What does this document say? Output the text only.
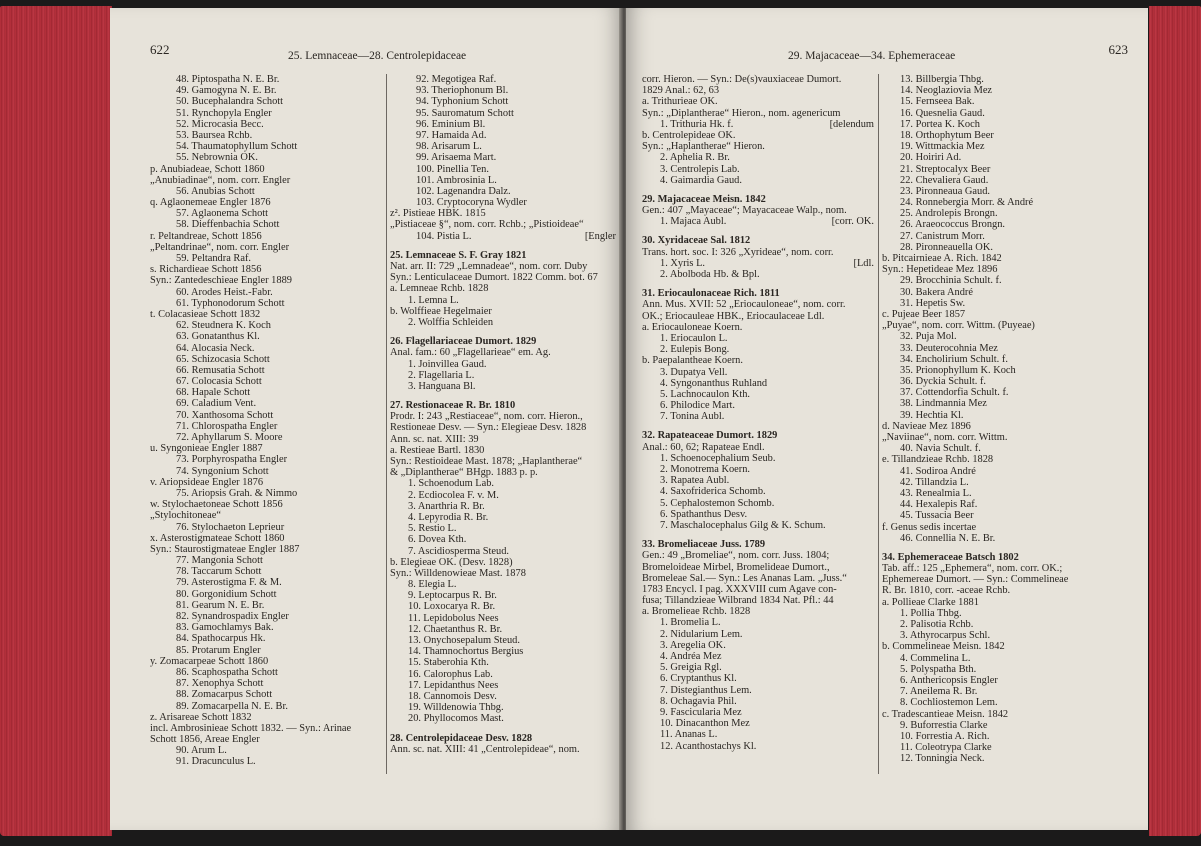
622	25. Lemnaceae—28. Centrolepidaceae
48. Piptospatha N. E. Br.
49. Gamogyna N. E. Br.
50. Bucephalandra Schott
51. Rynchopyla Engler
52. Microcasia Becc.
53. Baursea Rchb.
54. Thaumatophyllum Schott
55. Nebrownia OK.
p. Anubiadeae, Schott 1860
„Anubiadinae“, nom. corr. Engler
56. Anubias Schott
q. Aglaonemeae Engler 1876
57. Aglaonema Schott
58. Dieffenbachia Schott
r. Peltandreae, Schott 1856
„Peltandrinae“, nom. corr. Engler
59. Peltandra Raf.
s. Richardieae Schott 1856
Syn.: Zantedeschieae Engler 1889
60. Arodes Heist.-Fabr.
61. Typhonodorum Schott
t. Colacasieae Schott 1832
62. Steudnera K. Koch
63. Gonatanthus Kl.
64. Alocasia Neck.
65. Schizocasia Schott
66. Remusatia Schott
67. Colocasia Schott
68. Hapale Schott
69. Caladium Vent.
70. Xanthosoma Schott
71. Chlorospatha Engler
72. Aphyllarum S. Moore
u. Syngonieae Engler 1887
73. Porphyrospatha Engler
74. Syngonium Schott
v. Ariopsideae Engler 1876
75. Ariopsis Grah. & Nimmo
w. Stylochaetoneae Schott 1856
„Stylochitoneae“
76. Stylochaeton Leprieur
x. Asterostigmateae Schott 1860
Syn.: Staurostigmateae Engler 1887
77. Mangonia Schott
78. Taccarum Schott
79. Asterostigma F. & M.
80. Gorgonidium Schott
81. Gearum N. E. Br.
82. Synandrospadix Engler
83. Gamochlamys Bak.
84. Spathocarpus Hk.
85. Protarum Engler
y. Zomacarpeae Schott 1860
86. Scaphospatha Schott
87. Xenophya Schott
88. Zomacarpus Schott
89. Zomacarpella N. E. Br.
z. Arisareae Schott 1832
incl. Ambrosinieae Schott 1832. — Syn.: Arinae
Schott 1856, Areae Engler
90. Arum L.
91. Dracunculus L.
92. Megotigea Raf.
93. Theriophonum Bl.
94. Typhonium Schott
95. Sauromatum Schott
96. Eminium Bl.
97. Hamaida Ad.
98. Arisarum L.
99. Arisaema Mart.
100. Pinellia Ten.
101. Ambrosinia L.
102. Lagenandra Dalz.
103. Cryptocoryna Wydler
z². Pistieae HBK. 1815
„Pistiaceae §“, nom. corr. Rchb.; „Pistioideae“
104. Pistia L.	[Engler
25. Lemnaceae S. F. Gray 1821
Nat. arr. II: 729 „Lemnadeae“, nom. corr. Duby
Syn.: Lenticulaceae Dumort. 1822 Comm. bot. 67
a. Lemneae Rchb. 1828
1. Lemna L.
b. Wolffieae Hegelmaier
2. Wolffia Schleiden
26. Flagellariaceae Dumort. 1829
Anal. fam.: 60 „Flagellarieae“ em. Ag.
1. Joinvillea Gaud.
2. Flagellaria L.
3. Hanguana Bl.
27. Restionaceae R. Br. 1810
Prodr. I: 243 „Restiaceae“, nom. corr. Hieron.,
Restioneae Desv. — Syn.: Elegieae Desv. 1828
Ann. sc. nat. XIII: 39
a. Restieae Bartl. 1830
Syn.: Restioideae Mast. 1878; „Haplantherae“
& „Diplantherae“ BHgp. 1883 p. p.
1. Schoenodum Lab.
2. Ecdiocolea F. v. M.
3. Anarthria R. Br.
4. Lepyrodia R. Br.
5. Restio L.
6. Dovea Kth.
7. Ascidiosperma Steud.
b. Elegieae OK. (Desv. 1828)
Syn.: Willdenowieae Mast. 1878
8. Elegia L.
9. Leptocarpus R. Br.
10. Loxocarya R. Br.
11. Lepidobolus Nees
12. Chaetanthus R. Br.
13. Onychosepalum Steud.
14. Thamnochortus Bergius
15. Staberohia Kth.
16. Calorophus Lab.
17. Lepidanthus Nees
18. Cannomois Desv.
19. Willdenowia Thbg.
20. Phyllocomos Mast.
28. Centrolepidaceae Desv. 1828
Ann. sc. nat. XIII: 41 „Centrolepideae“, nom.
29. Majacaceae—34. Ephemeraceae	623
corr. Hieron. — Syn.: De(s)vauxiaceae Dumort.
1829 Anal.: 62, 63
a. Trithurieae OK.
Syn.: „Diplantherae“ Hieron., nom. agenericum
1. Trithuria Hk. f.	[delendum
b. Centrolepideae OK.
Syn.: „Haplantherae“ Hieron.
2. Aphelia R. Br.
3. Centrolepis Lab.
4. Gaimardia Gaud.
29. Majacaceae Meisn. 1842
Gen.: 407 „Mayaceae“; Mayacaceae Walp., nom.
1. Majaca Aubl.	[corr. OK.
30. Xyridaceae Sal. 1812
Trans. hort. soc. I: 326 „Xyrideae“, nom. corr.
1. Xyris L.	[Ldl.
2. Abolboda Hb. & Bpl.
31. Eriocaulonaceae Rich. 1811
Ann. Mus. XVII: 52 „Eriocauloneae“, nom. corr.
OK.; Eriocauleae HBK., Eriocaulaceae Ldl.
a. Eriocauloneae Koern.
1. Eriocaulon L.
2. Eulepis Bong.
b. Paepalantheae Koern.
3. Dupatya Vell.
4. Syngonanthus Ruhland
5. Lachnocaulon Kth.
6. Philodice Mart.
7. Tonina Aubl.
32. Rapateaceae Dumort. 1829
Anal.: 60, 62; Rapateae Endl.
1. Schoenocephalium Seub.
2. Monotrema Koern.
3. Rapatea Aubl.
4. Saxofriderica Schomb.
5. Cephalostemon Schomb.
6. Spathanthus Desv.
7. Maschalocephalus Gilg & K. Schum.
33. Bromeliaceae Juss. 1789
Gen.: 49 „Bromeliae“, nom. corr. Juss. 1804;
Bromeloideae Mirbel, Bromelideae Dumort.,
Bromeleae Sal.— Syn.: Les Ananas Lam. „Juss.“
1783 Encycl. I pag. XXXVIII cum Agave con-
fusa; Tillandzieae Wilbrand 1834 Nat. Pfl.: 44
a. Bromelieae Rchb. 1828
1. Bromelia L.
2. Nidularium Lem.
3. Aregelia OK.
4. Andréa Mez
5. Greigia Rgl.
6. Cryptanthus Kl.
7. Distegianthus Lem.
8. Ochagavia Phil.
9. Fascicularia Mez
10. Dinacanthon Mez
11. Ananas L.
12. Acanthostachys Kl.
13. Billbergia Thbg.
14. Neoglaziovia Mez
15. Fernseea Bak.
16. Quesnelia Gaud.
17. Portea K. Koch
18. Orthophytum Beer
19. Wittmackia Mez
20. Hoiriri Ad.
21. Streptocalyx Beer
22. Chevaliera Gaud.
23. Pironneaua Gaud.
24. Ronnebergia Morr. & André
25. Androlepis Brongn.
26. Araeococcus Brongn.
27. Canistrum Morr.
28. Pironneauella OK.
b. Pitcairnieae A. Rich. 1842
Syn.: Hepetideae Mez 1896
29. Brocchinia Schult. f.
30. Bakera André
31. Hepetis Sw.
c. Pujeae Beer 1857
„Puyae“, nom. corr. Wittm. (Puyeae)
32. Puja Mol.
33. Deuterocohnia Mez
34. Encholirium Schult. f.
35. Prionophyllum K. Koch
36. Dyckia Schult. f.
37. Cottendorfia Schult. f.
38. Lindmannia Mez
39. Hechtia Kl.
d. Navieae Mez 1896
„Naviinae“, nom. corr. Wittm.
40. Navia Schult. f.
e. Tillandzieae Rchb. 1828
41. Sodiroa André
42. Tillandzia L.
43. Renealmia L.
44. Hexalepis Raf.
45. Tussacia Beer
f. Genus sedis incertae
46. Connellia N. E. Br.
34. Ephemeraceae Batsch 1802
Tab. aff.: 125 „Ephemera“, nom. corr. OK.;
Ephemereae Dumort. — Syn.: Commelineae
R. Br. 1810, corr. -aceae Rchb.
a. Pollieae Clarke 1881
1. Pollia Thbg.
2. Palisotia Rchb.
3. Athyrocarpus Schl.
b. Commelineae Meisn. 1842
4. Commelina L.
5. Polyspatha Bth.
6. Anthericopsis Engler
7. Aneilema R. Br.
8. Cochliostemon Lem.
c. Tradescantieae Meisn. 1842
9. Buforrestia Clarke
10. Forrestia A. Rich.
11. Coleotrypa Clarke
12. Tonningia Neck.
